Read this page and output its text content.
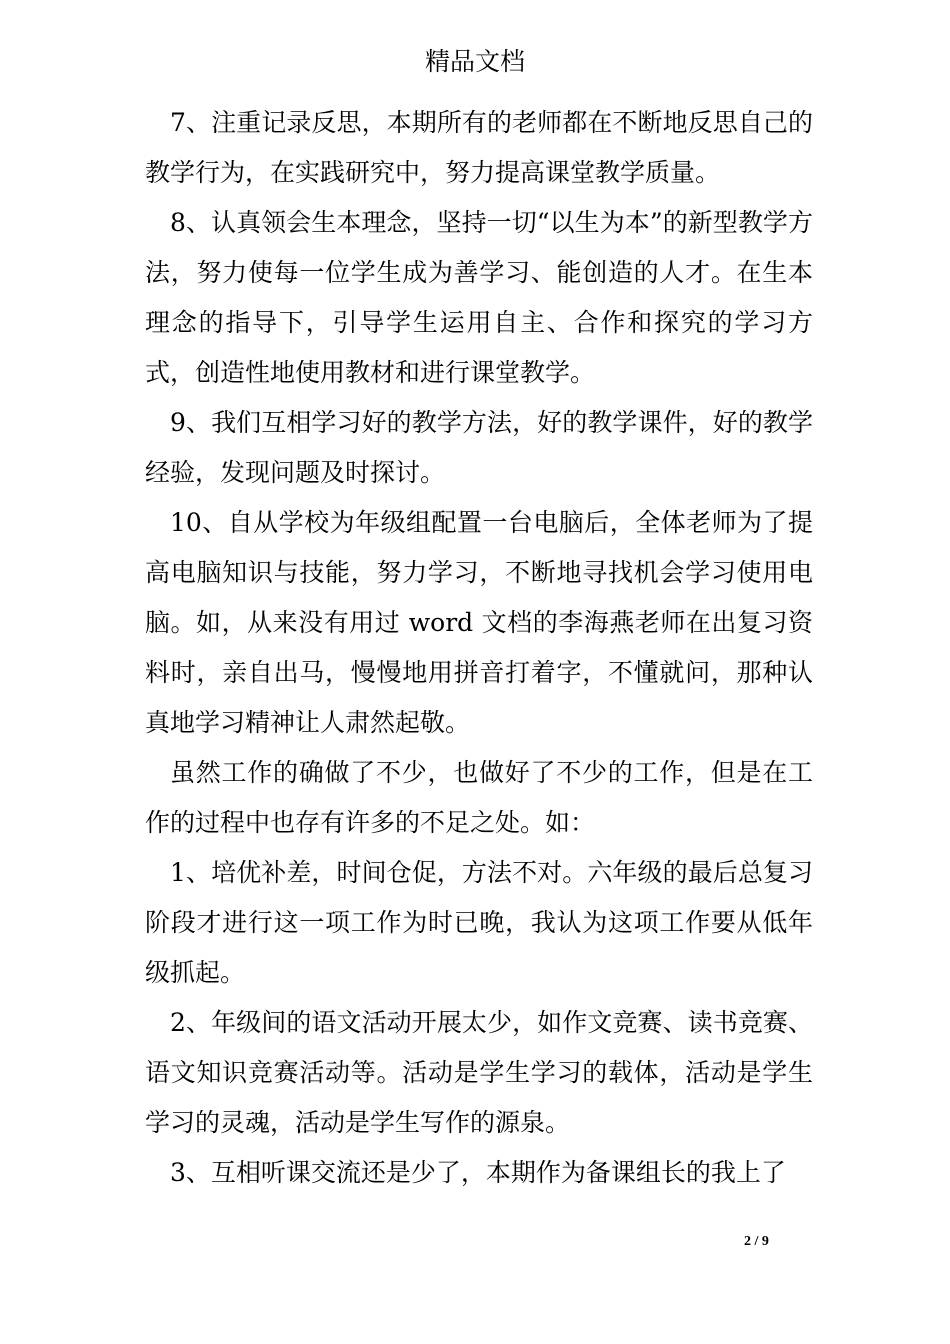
精品文档

7、注重记录反思，本期所有的老师都在不断地反思自己的教学行为，在实践研究中，努力提高课堂教学质量。

8、认真领会生本理念，坚持一切“以生为本”的新型教学方法，努力使每一位学生成为善学习、能创造的人才。在生本理念的指导下，引导学生运用自主、合作和探究的学习方式，创造性地使用教材和进行课堂教学。

9、我们互相学习好的教学方法，好的教学课件，好的教学经验，发现问题及时探讨。

10、自从学校为年级组配置一台电脑后，全体老师为了提高电脑知识与技能，努力学习，不断地寻找机会学习使用电脑。如，从来没有用过 word 文档的李海燕老师在出复习资料时，亲自出马，慢慢地用拼音打着字，不懂就问，那种认真地学习精神让人肃然起敬。

虽然工作的确做了不少，也做好了不少的工作，但是在工作的过程中也存有许多的不足之处。如：

1、培优补差，时间仓促，方法不对。六年级的最后总复习阶段才进行这一项工作为时已晚，我认为这项工作要从低年级抓起。

2、年级间的语文活动开展太少，如作文竞赛、读书竞赛、语文知识竞赛活动等。活动是学生学习的载体，活动是学生学习的灵魂，活动是学生写作的源泉。

3、互相听课交流还是少了，本期作为备课组长的我上了

2 / 9
